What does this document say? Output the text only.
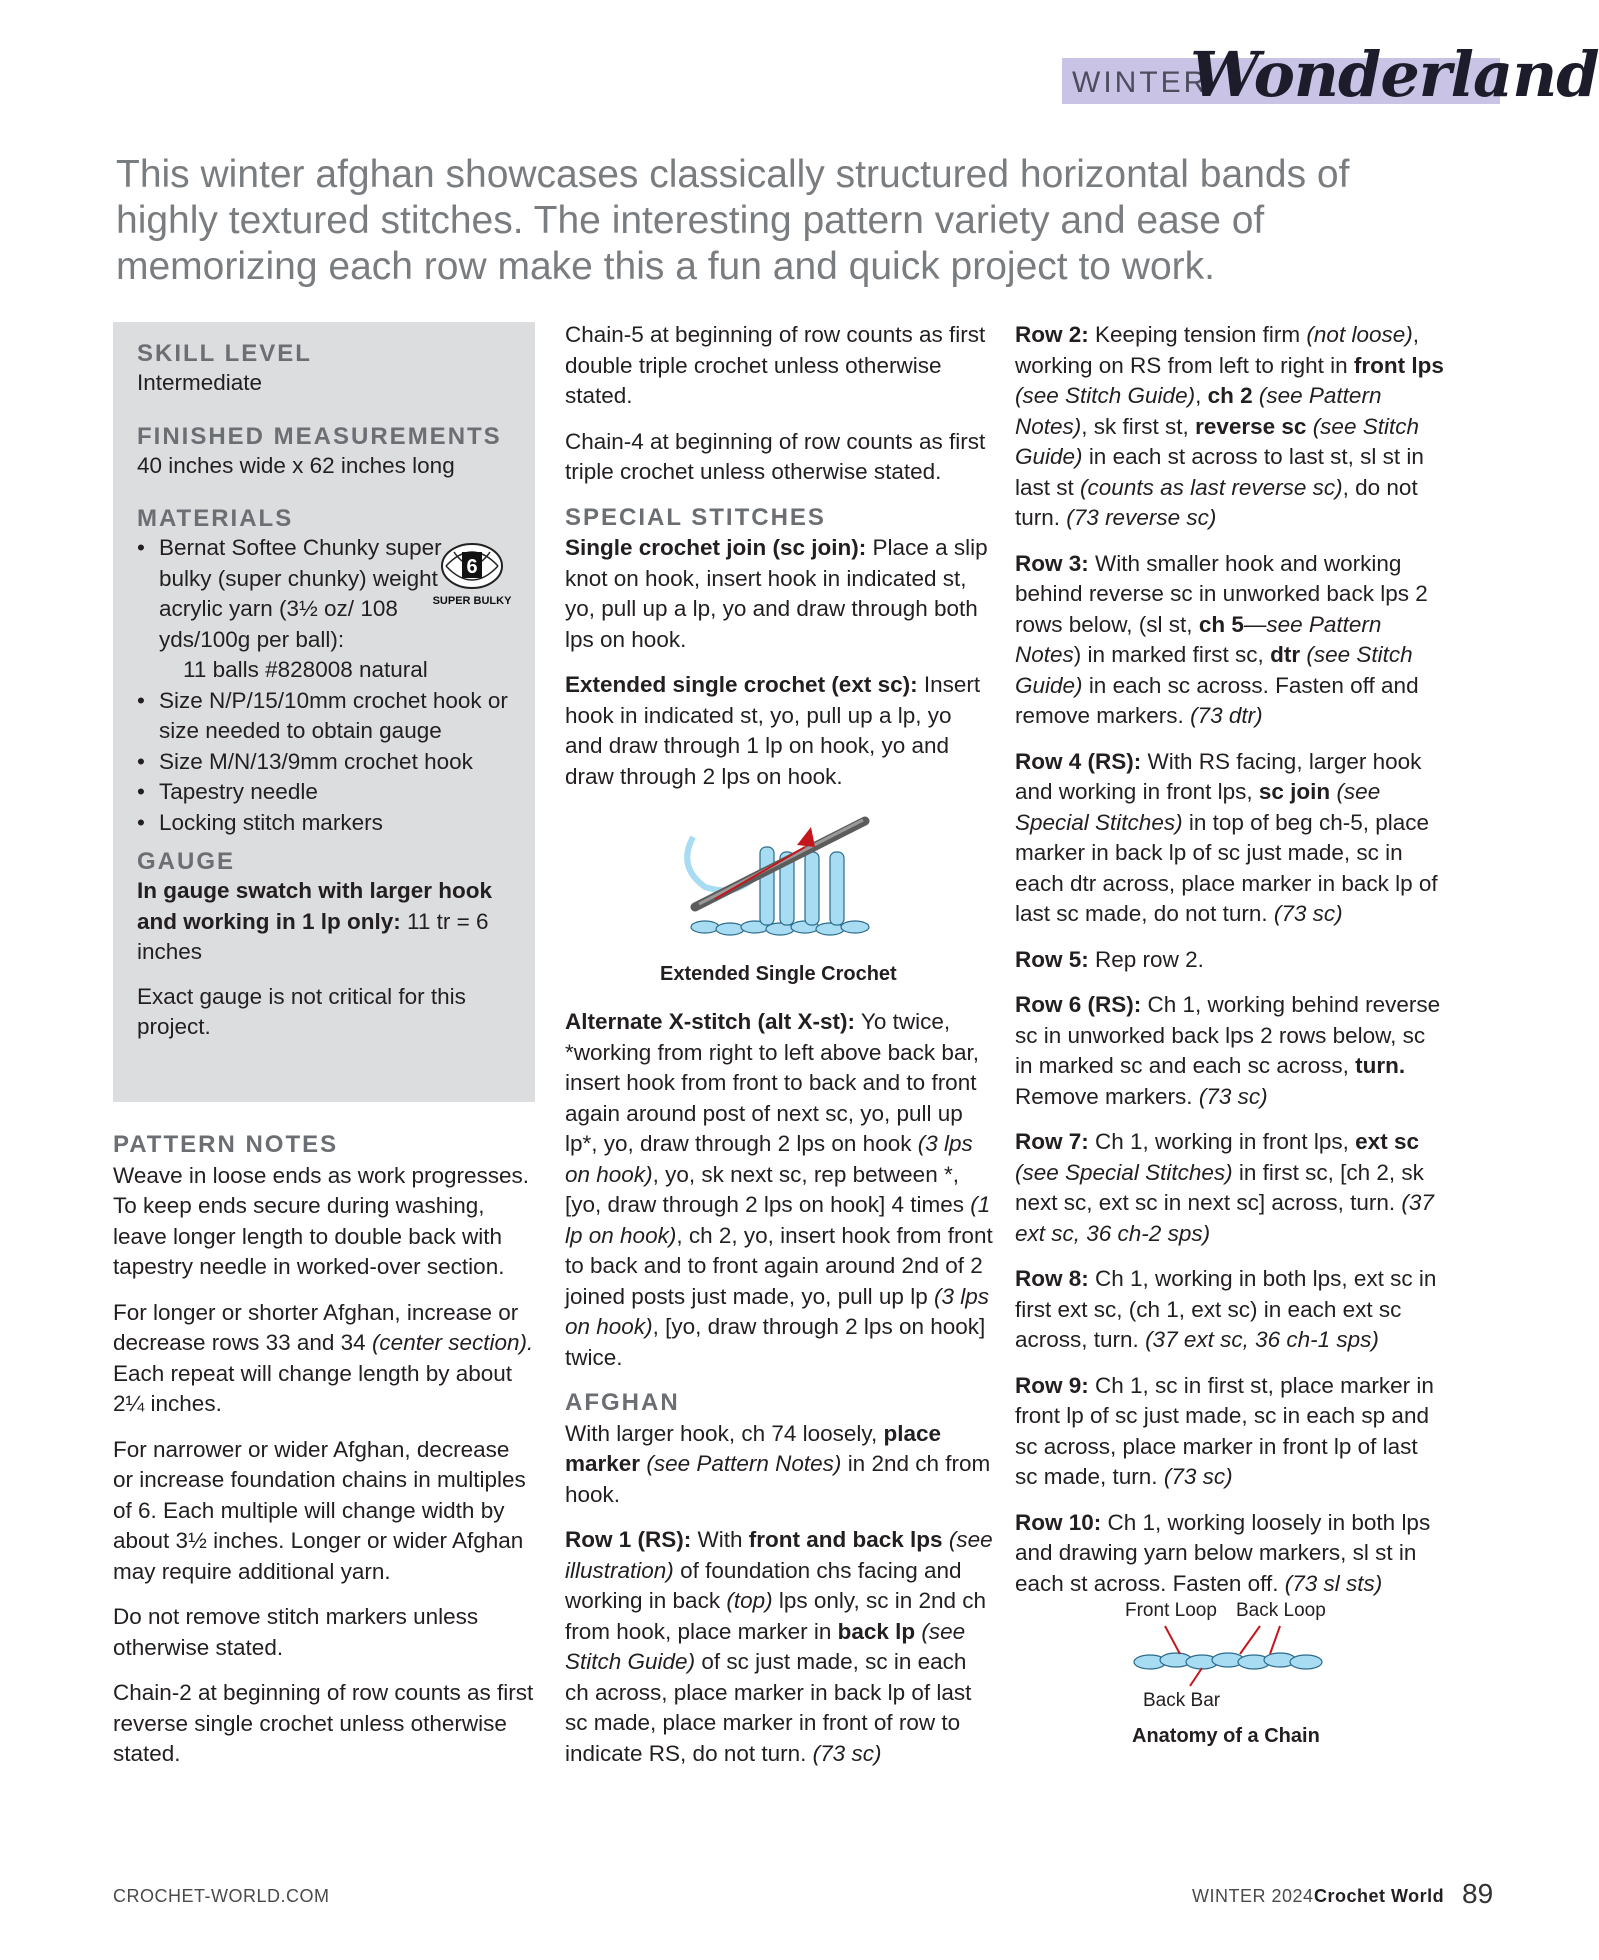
WINTER
Wonderland
This winter afghan showcases classically structured horizontal bands of highly textured stitches. The interesting pattern variety and ease of memorizing each row make this a fun and quick project to work.
SKILL LEVEL
Intermediate
FINISHED MEASUREMENTS
40 inches wide x 62 inches long
MATERIALS
• Bernat Softee Chunky super bulky (super chunky) weight acrylic yarn (3½ oz/ 108 yds/100g per ball):
11 balls #828008 natural
• Size N/P/15/10mm crochet hook or size needed to obtain gauge
• Size M/N/13/9mm crochet hook
• Tapestry needle
• Locking stitch markers
GAUGE
In gauge swatch with larger hook and working in 1 lp only: 11 tr = 6 inches
Exact gauge is not critical for this project.
6
SUPER BULKY
PATTERN NOTES

Weave in loose ends as work progresses. To keep ends secure during washing, leave longer length to double back with tapestry needle in worked-over section.

For longer or shorter Afghan, increase or decrease rows 33 and 34 (center section). Each repeat will change length by about 2¼ inches.

For narrower or wider Afghan, decrease or increase foundation chains in multiples of 6. Each multiple will change width by about 3½ inches. Longer or wider Afghan may require additional yarn.

Do not remove stitch markers unless otherwise stated.

Chain-2 at beginning of row counts as first reverse single crochet unless otherwise stated.

Chain-5 at beginning of row counts as first double triple crochet unless otherwise stated.

Chain-4 at beginning of row counts as first triple crochet unless otherwise stated.

SPECIAL STITCHES

Single crochet join (sc join): Place a slip knot on hook, insert hook in indicated st, yo, pull up a lp, yo and draw through both lps on hook.

Extended single crochet (ext sc): Insert hook in indicated st, yo, pull up a lp, yo and draw through 1 lp on hook, yo and draw through 2 lps on hook.

Extended Single Crochet

Alternate X-stitch (alt X-st): Yo twice, *working from right to left above back bar, insert hook from front to back and to front again around post of next sc, yo, pull up lp*, yo, draw through 2 lps on hook (3 lps on hook), yo, sk next sc, rep between *, [yo, draw through 2 lps on hook] 4 times (1 lp on hook), ch 2, yo, insert hook from front to back and to front again around 2nd of 2 joined posts just made, yo, pull up lp (3 lps on hook), [yo, draw through 2 lps on hook] twice.

AFGHAN

With larger hook, ch 74 loosely, place marker (see Pattern Notes) in 2nd ch from hook.

Row 1 (RS): With front and back lps (see illustration) of foundation chs facing and working in back (top) lps only, sc in 2nd ch from hook, place marker in back lp (see Stitch Guide) of sc just made, sc in each ch across, place marker in back lp of last sc made, place marker in front of row to indicate RS, do not turn. (73 sc)

Row 2: Keeping tension firm (not loose), working on RS from left to right in front lps (see Stitch Guide), ch 2 (see Pattern Notes), sk first st, reverse sc (see Stitch Guide) in each st across to last st, sl st in last st (counts as last reverse sc), do not turn. (73 reverse sc)

Row 3: With smaller hook and working behind reverse sc in unworked back lps 2 rows below, (sl st, ch 5—see Pattern Notes) in marked first sc, dtr (see Stitch Guide) in each sc across. Fasten off and remove markers. (73 dtr)

Row 4 (RS): With RS facing, larger hook and working in front lps, sc join (see Special Stitches) in top of beg ch-5, place marker in back lp of sc just made, sc in each dtr across, place marker in back lp of last sc made, do not turn. (73 sc)

Row 5: Rep row 2.

Row 6 (RS): Ch 1, working behind reverse sc in unworked back lps 2 rows below, sc in marked sc and each sc across, turn. Remove markers. (73 sc)

Row 7: Ch 1, working in front lps, ext sc (see Special Stitches) in first sc, [ch 2, sk next sc, ext sc in next sc] across, turn. (37 ext sc, 36 ch-2 sps)

Row 8: Ch 1, working in both lps, ext sc in first ext sc, (ch 1, ext sc) in each ext sc across, turn. (37 ext sc, 36 ch-1 sps)

Row 9: Ch 1, sc in first st, place marker in front lp of sc just made, sc in each sp and sc across, place marker in front lp of last sc made, turn. (73 sc)

Row 10: Ch 1, working loosely in both lps and drawing yarn below markers, sl st in each st across. Fasten off. (73 sl sts)

Front Loop Back Loop
Back Bar
Anatomy of a Chain
CROCHET-WORLD.COM	WINTER 2024 Crochet World 89
